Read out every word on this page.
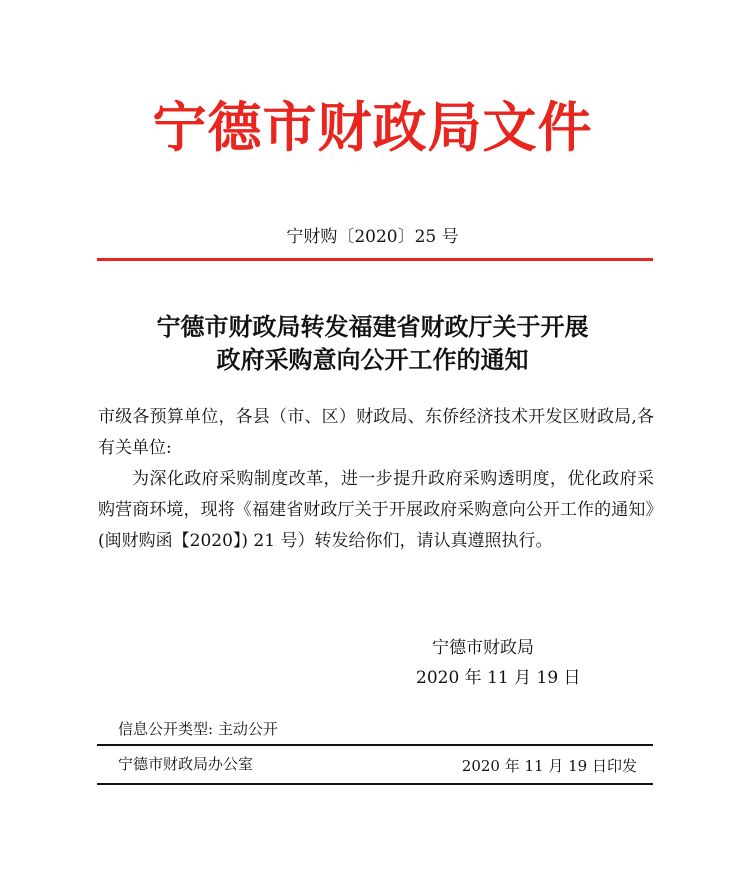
宁德市财政局文件
宁财购〔2020〕25 号
宁德市财政局转发福建省财政厅关于开展
政府采购意向公开工作的通知

市级各预算单位，各县（市、区）财政局、东侨经济技术开发区财政局,各有关单位:

为深化政府采购制度改革，进一步提升政府采购透明度，优化政府采购营商环境，现将《福建省财政厅关于开展政府采购意向公开工作的通知》(闽财购函【2020】) 21 号）转发给你们，请认真遵照执行。

宁德市财政局
2020 年 11 月 19 日
信息公开类型: 主动公开
宁德市财政局办公室	2020 年 11 月 19 日印发
